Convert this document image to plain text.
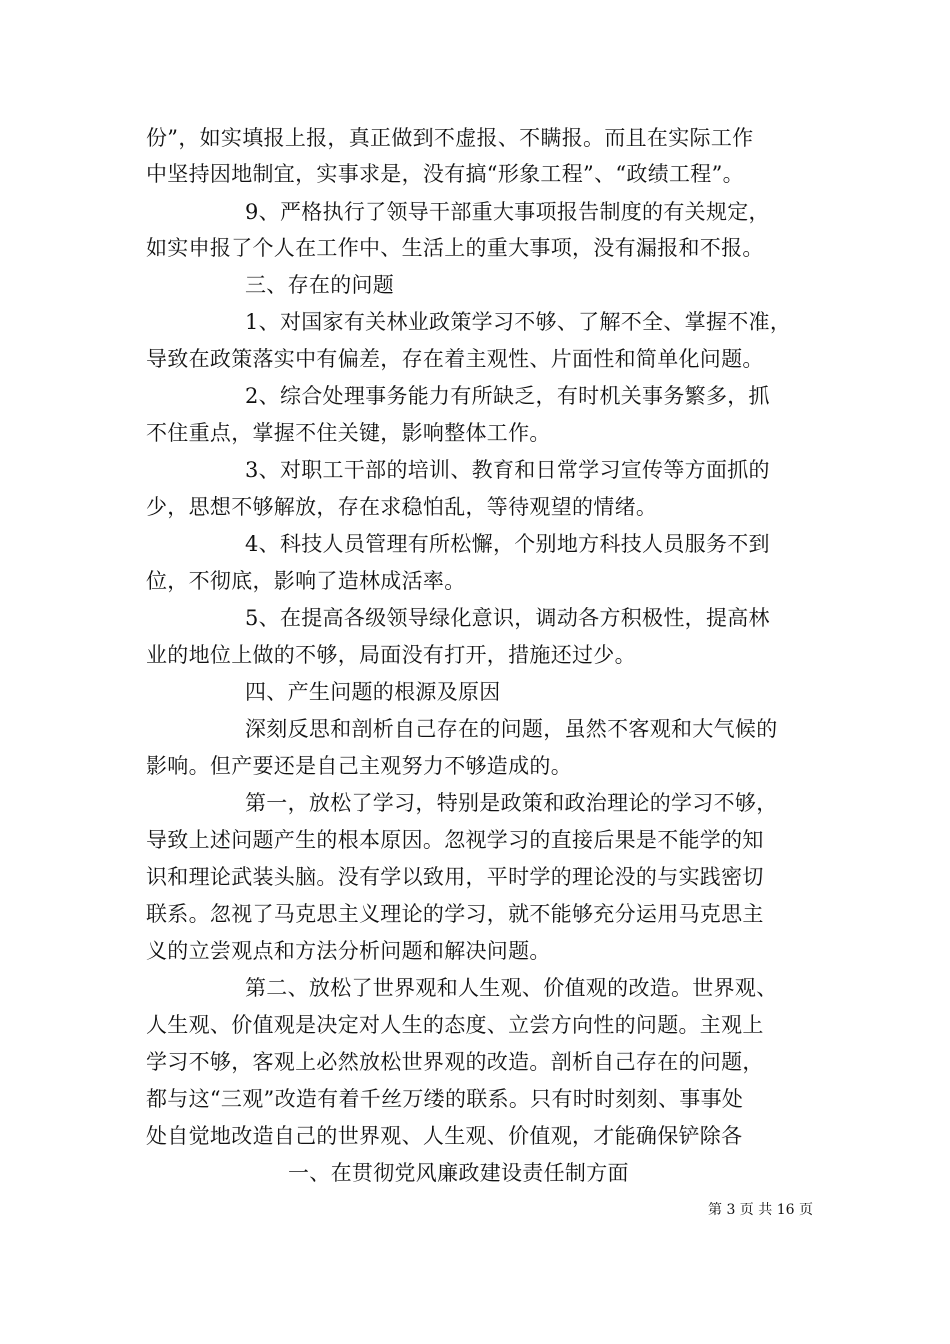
份”，如实填报上报，真正做到不虚报、不瞒报。而且在实际工作
中坚持因地制宜，实事求是，没有搞“形象工程”、“政绩工程”。
9、严格执行了领导干部重大事项报告制度的有关规定，
如实申报了个人在工作中、生活上的重大事项，没有漏报和不报。
三、存在的问题
1、对国家有关林业政策学习不够、了解不全、掌握不准，
导致在政策落实中有偏差，存在着主观性、片面性和简单化问题。
2、综合处理事务能力有所缺乏，有时机关事务繁多，抓
不住重点，掌握不住关键，影响整体工作。
3、对职工干部的培训、教育和日常学习宣传等方面抓的
少，思想不够解放，存在求稳怕乱，等待观望的情绪。
4、科技人员管理有所松懈，个别地方科技人员服务不到
位，不彻底，影响了造林成活率。
5、在提高各级领导绿化意识，调动各方积极性，提高林
业的地位上做的不够，局面没有打开，措施还过少。
四、产生问题的根源及原因
深刻反思和剖析自己存在的问题，虽然不客观和大气候的
影响。但产要还是自己主观努力不够造成的。
第一，放松了学习，特别是政策和政治理论的学习不够，
导致上述问题产生的根本原因。忽视学习的直接后果是不能学的知
识和理论武装头脑。没有学以致用，平时学的理论没的与实践密切
联系。忽视了马克思主义理论的学习，就不能够充分运用马克思主
义的立尝观点和方法分析问题和解决问题。
第二、放松了世界观和人生观、价值观的改造。世界观、
人生观、价值观是决定对人生的态度、立尝方向性的问题。主观上
学习不够，客观上必然放松世界观的改造。剖析自己存在的问题，
都与这“三观”改造有着千丝万缕的联系。只有时时刻刻、事事处
处自觉地改造自己的世界观、人生观、价值观，才能确保铲除各
一、在贯彻党风廉政建设责任制方面
第 3 页 共 16 页
